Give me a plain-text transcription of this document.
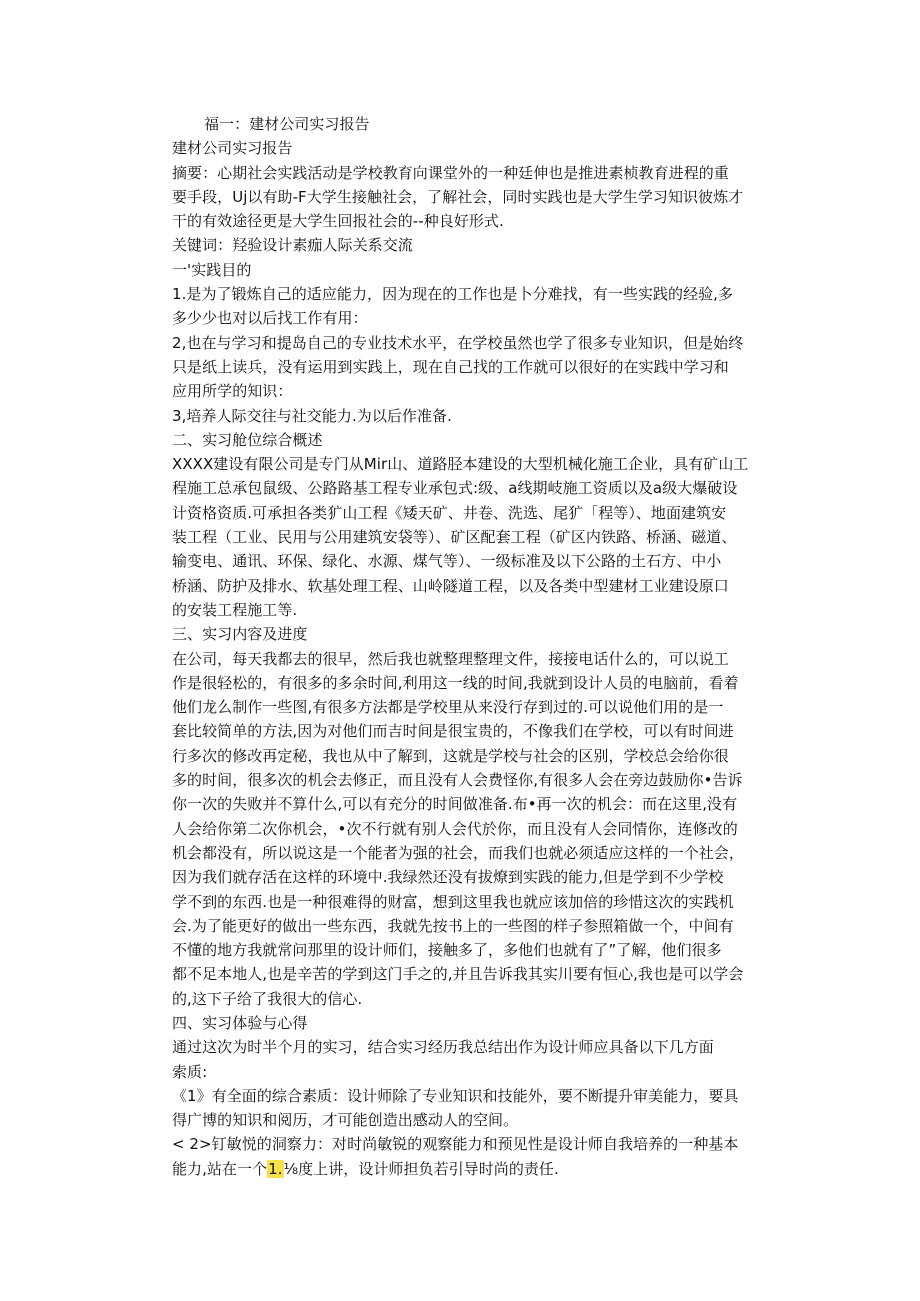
福一：建材公司实习报告
建材公司实习报告
摘要：心期社会实践活动是学校教育向课堂外的一种廷伸也是推进素桢教育进程的重
要手段，Uj以有助-F大学生接触社会，了解社会，同时实践也是大学生学习知识彼炼才
干的有效途径更是大学生回报社会的--种良好形式.
关键词：羟验设计素痂人际关系交流
一'实践目的
1.是为了锻炼自己的适应能力，因为现在的工作也是卜分难找，有一些实践的经验,多
多少少也对以后找工作有用：
2,也在与学习和提岛自己的专业技术水平，在学校虽然也学了很多专业知识，但是始终
只是纸上读兵，没有运用到实践上，现在自己找的工作就可以很好的在实践中学习和
应用所学的知识：
3,培养人际交往与社交能力.为以后作准备.
二、实习舱位综合概述
XXXX建设有限公司是专门从Mir山、道路胫本建设的大型机械化施工企业，具有矿山工
程施工总承包鼠级、公路路基工程专业承包式:级、a线期岐施工资质以及a级大爆破设
计资格资质.可承担各类犷山工程《矮天矿、井卷、洗选、尾犷「程等）、地面建筑安
装工程（工业、民用与公用建筑安袋等）、矿区配套工程（矿区内铁路、桥涵、磁道、
输变电、通讯、环保、绿化、水源、煤气等）、一级标准及以下公路的土石方、中小
桥涵、防护及排水、软基处理工程、山岭隧道工程，以及各类中型建材工业建设原口
的安装工程施工等.
三、实习内容及进度
在公司，每天我都去的很早，然后我也就整理整理文件，接接电话什么的，可以说工
作是很轻松的，有很多的多余时间,利用这一线的时间,我就到设计人员的电脑前，看着
他们龙么制作一些图,有很多方法都是学校里从来没行存到过的.可以说他们用的是一
套比较简单的方法,因为对他们而吉时间是很宝贵的，不像我们在学校，可以有时间进
行多次的修改再定秘，我也从中了解到，这就是学校与社会的区别，学校总会给你很
多的时间，很多次的机会去修正，而且没有人会费怪你,有很多人会在旁边鼓励你•告诉
你一次的失败并不算什么,可以有充分的时间做准备.布•再一次的机会：而在这里,没有
人会给你第二次你机会，•次不行就有别人会代於你，而且没有人会同情你，连修改的
机会都没有，所以说这是一个能者为强的社会，而我们也就必须适应这样的一个社会，
因为我们就存活在这样的环境中.我绿然还没有拔燎到实践的能力,但是学到不少学校
学不到的东西.也是一种很难得的财富，想到这里我也就应该加倍的珍惜这次的实践机
会.为了能更好的做出一些东西，我就先按书上的一些图的样子参照箱做一个，中间有
不懂的地方我就常问那里的设计师们，接触多了，多他们也就有了”了解，他们很多
都不足本地人,也是辛苦的学到这门手之的,并且告诉我其实川要有恒心,我也是可以学会
的,这下子给了我很大的信心.
四、实习体验与心得
通过这次为时半个月的实习，结合实习经历我总结出作为设计师应具备以下几方面
索质:
《1》有全面的综合素质：设计师除了专业知识和技能外，要不断提升审美能力，要具
得广博的知识和阅历，才可能创造出感动人的空间。
< 2>钉敏悦的洞察力：对时尚敏锐的观察能力和预见性是设计师自我培养的一种基本
能力,站在一个1.⅛度上讲，设计师担负若引导时尚的责任.
